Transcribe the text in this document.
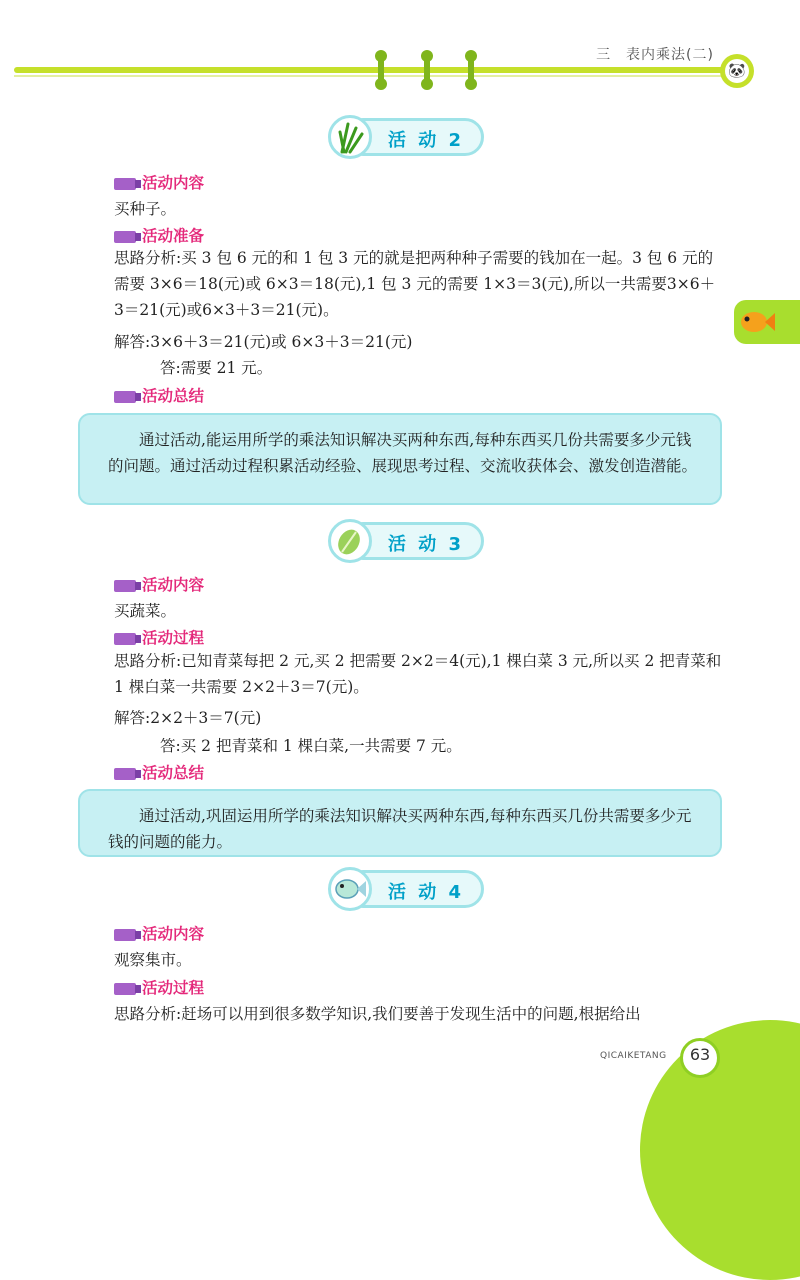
三　表内乘法(二)
🐼
活 动 2
活动内容
买种子。
活动准备
思路分析:买 3 包 6 元的和 1 包 3 元的就是把两种种子需要的钱加在一起。3 包 6 元的需要 3×6＝18(元)或 6×3＝18(元),1 包 3 元的需要 1×3＝3(元),所以一共需要3×6＋3＝21(元)或6×3＋3＝21(元)。
解答:3×6＋3＝21(元)或 6×3＋3＝21(元)
答:需要 21 元。
活动总结
通过活动,能运用所学的乘法知识解决买两种东西,每种东西买几份共需要多少元钱的问题。通过活动过程积累活动经验、展现思考过程、交流收获体会、激发创造潜能。
活 动 3
活动内容
买蔬菜。
活动过程
思路分析:已知青菜每把 2 元,买 2 把需要 2×2＝4(元),1 棵白菜 3 元,所以买 2 把青菜和 1 棵白菜一共需要 2×2＋3＝7(元)。
解答:2×2＋3＝7(元)
答:买 2 把青菜和 1 棵白菜,一共需要 7 元。
活动总结
通过活动,巩固运用所学的乘法知识解决买两种东西,每种东西买几份共需要多少元钱的问题的能力。
活 动 4
活动内容
观察集市。
活动过程
思路分析:赶场可以用到很多数学知识,我们要善于发现生活中的问题,根据给出
QICAIKETANG	63
